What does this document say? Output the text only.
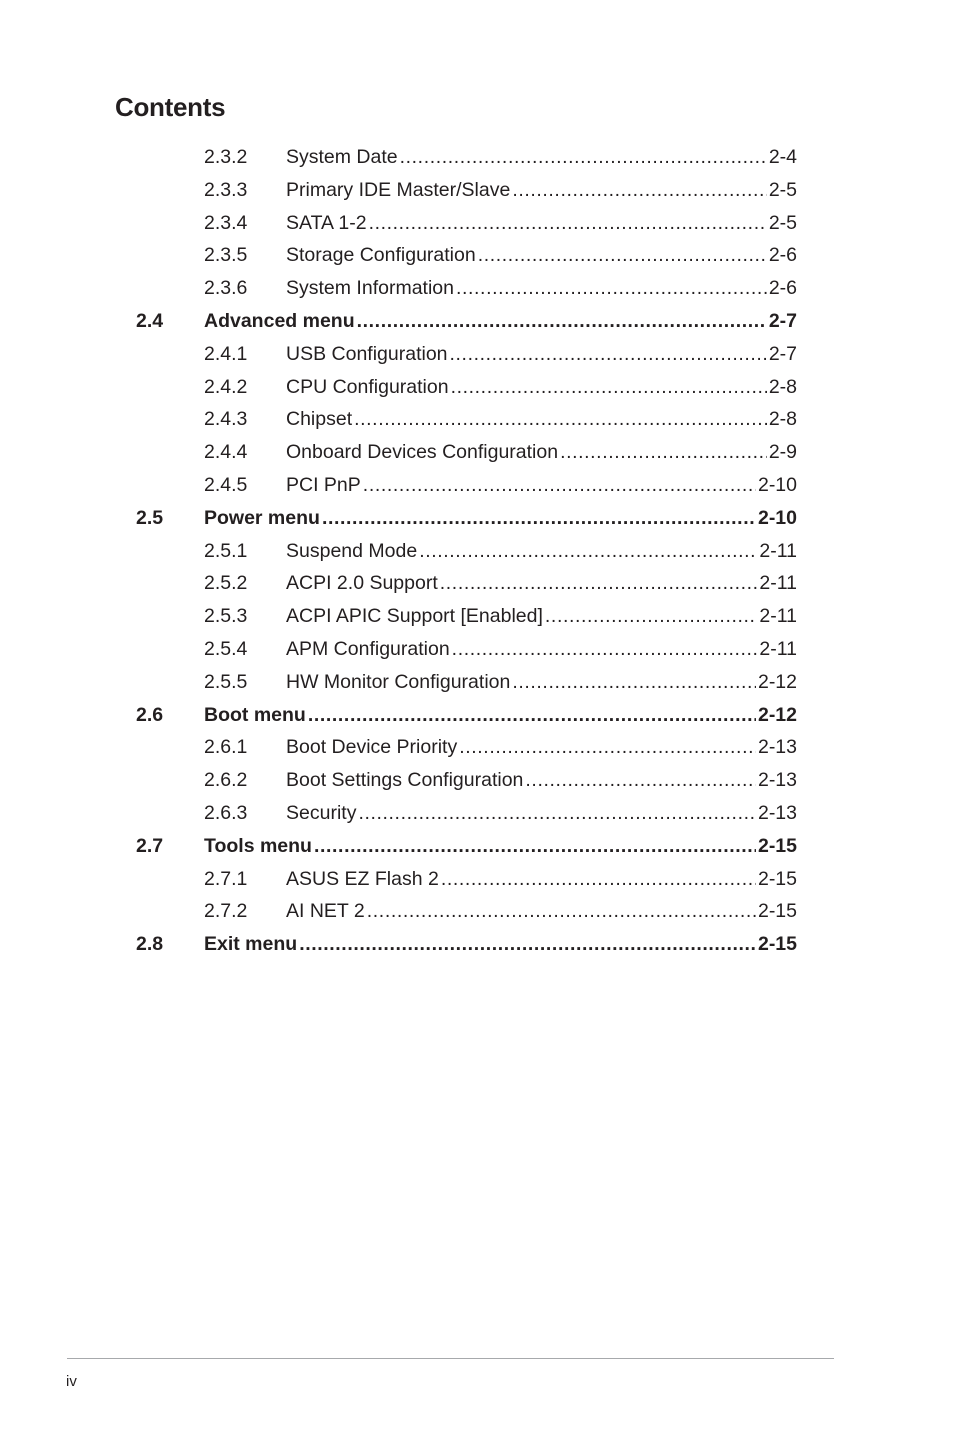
Contents
2.3.2 System Date .....	2-4
2.3.3 Primary IDE Master/Slave .....	2-5
2.3.4 SATA 1-2 .....	2-5
2.3.5 Storage Configuration .....	2-6
2.3.6 System Information .....	2-6
2.4 Advanced menu .....	2-7
2.4.1 USB Configuration .....	2-7
2.4.2 CPU Configuration .....	2-8
2.4.3 Chipset .....	2-8
2.4.4 Onboard Devices Configuration .....	2-9
2.4.5 PCI PnP .....	2-10
2.5 Power menu .....	2-10
2.5.1 Suspend Mode .....	2-11
2.5.2 ACPI 2.0 Support .....	2-11
2.5.3 ACPI APIC Support [Enabled] .....	2-11
2.5.4 APM Configuration .....	2-11
2.5.5 HW Monitor Configuration .....	2-12
2.6 Boot menu .....	2-12
2.6.1 Boot Device Priority .....	2-13
2.6.2 Boot Settings Configuration .....	2-13
2.6.3 Security .....	2-13
2.7 Tools menu .....	2-15
2.7.1 ASUS EZ Flash 2 .....	2-15
2.7.2 AI NET 2 .....	2-15
2.8 Exit menu .....	2-15
iv
